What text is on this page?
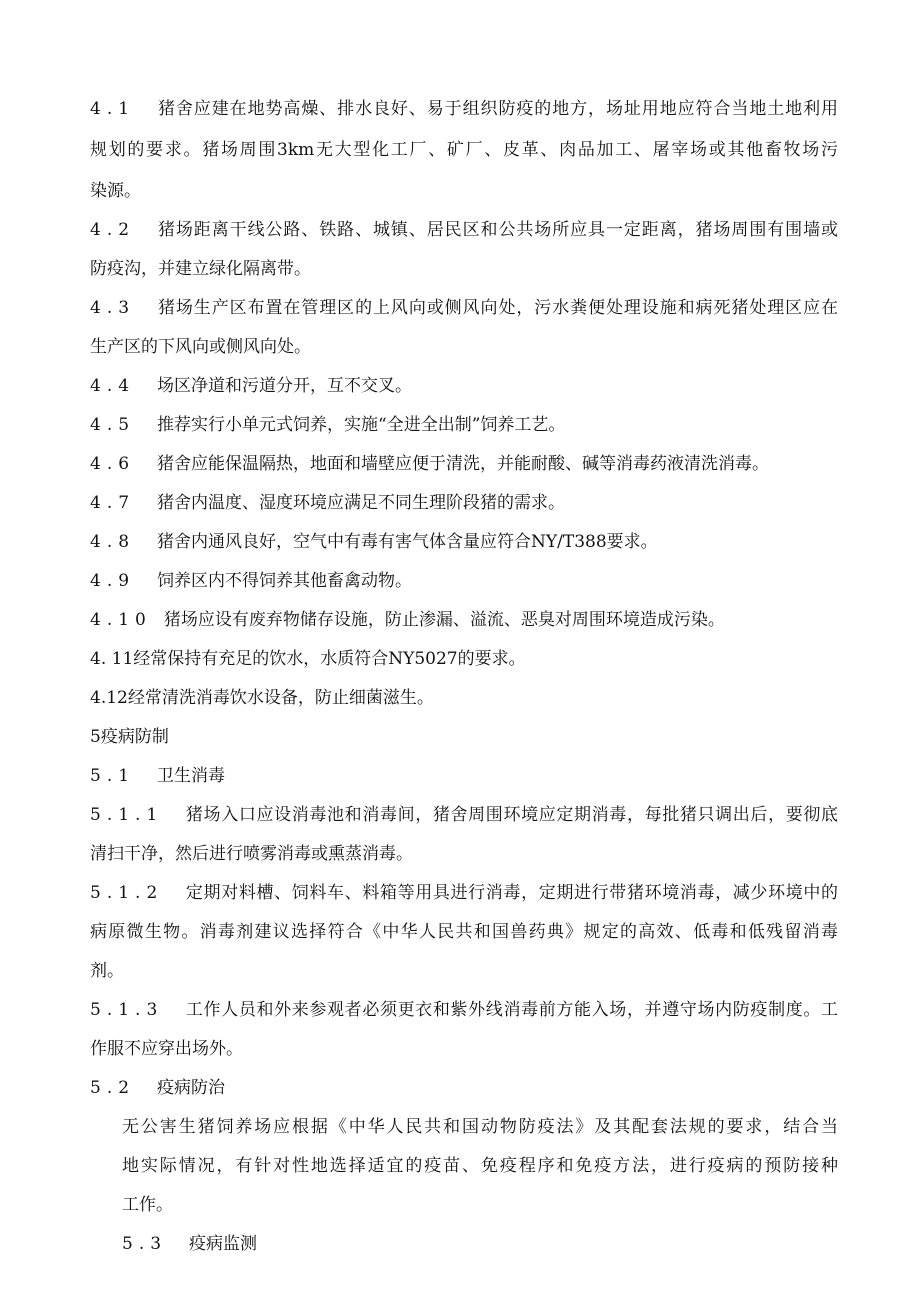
4.1 猪舍应建在地势高燥、排水良好、易于组织防疫的地方，场址用地应符合当地土地利用
规划的要求。猪场周围3km无大型化工厂、矿厂、皮革、肉品加工、屠宰场或其他畜牧场污
染源。
4.2 猪场距离干线公路、铁路、城镇、居民区和公共场所应具一定距离，猪场周围有围墙或
防疫沟，并建立绿化隔离带。
4.3 猪场生产区布置在管理区的上风向或侧风向处，污水粪便处理设施和病死猪处理区应在
生产区的下风向或侧风向处。
4.4 场区净道和污道分开，互不交叉。
4.5 推荐实行小单元式饲养，实施“全进全出制”饲养工艺。
4.6 猪舍应能保温隔热，地面和墙壁应便于清洗，并能耐酸、碱等消毒药液清洗消毒。
4.7 猪舍内温度、湿度环境应满足不同生理阶段猪的需求。
4.8 猪舍内通风良好，空气中有毒有害气体含量应符合NY/T388要求。
4.9 饲养区内不得饲养其他畜禽动物。
4.10 猪场应设有废弃物储存设施，防止渗漏、溢流、恶臭对周围环境造成污染。
4. 11经常保持有充足的饮水，水质符合NY5027的要求。
4.12经常清洗消毒饮水设备，防止细菌滋生。
5疫病防制
5.1 卫生消毒
5.1.1 猪场入口应设消毒池和消毒间，猪舍周围环境应定期消毒，每批猪只调出后，要彻底
清扫干净，然后进行喷雾消毒或熏蒸消毒。
5.1.2 定期对料槽、饲料车、料箱等用具进行消毒，定期进行带猪环境消毒，减少环境中的
病原微生物。消毒剂建议选择符合《中华人民共和国兽药典》规定的高效、低毒和低残留消毒
剂。
5.1.3 工作人员和外来参观者必须更衣和紫外线消毒前方能入场，并遵守场内防疫制度。工
作服不应穿出场外。
5.2 疫病防治
无公害生猪饲养场应根据《中华人民共和国动物防疫法》及其配套法规的要求，结合当
地实际情况，有针对性地选择适宜的疫苗、免疫程序和免疫方法，进行疫病的预防接种
工作。
5.3 疫病监测
